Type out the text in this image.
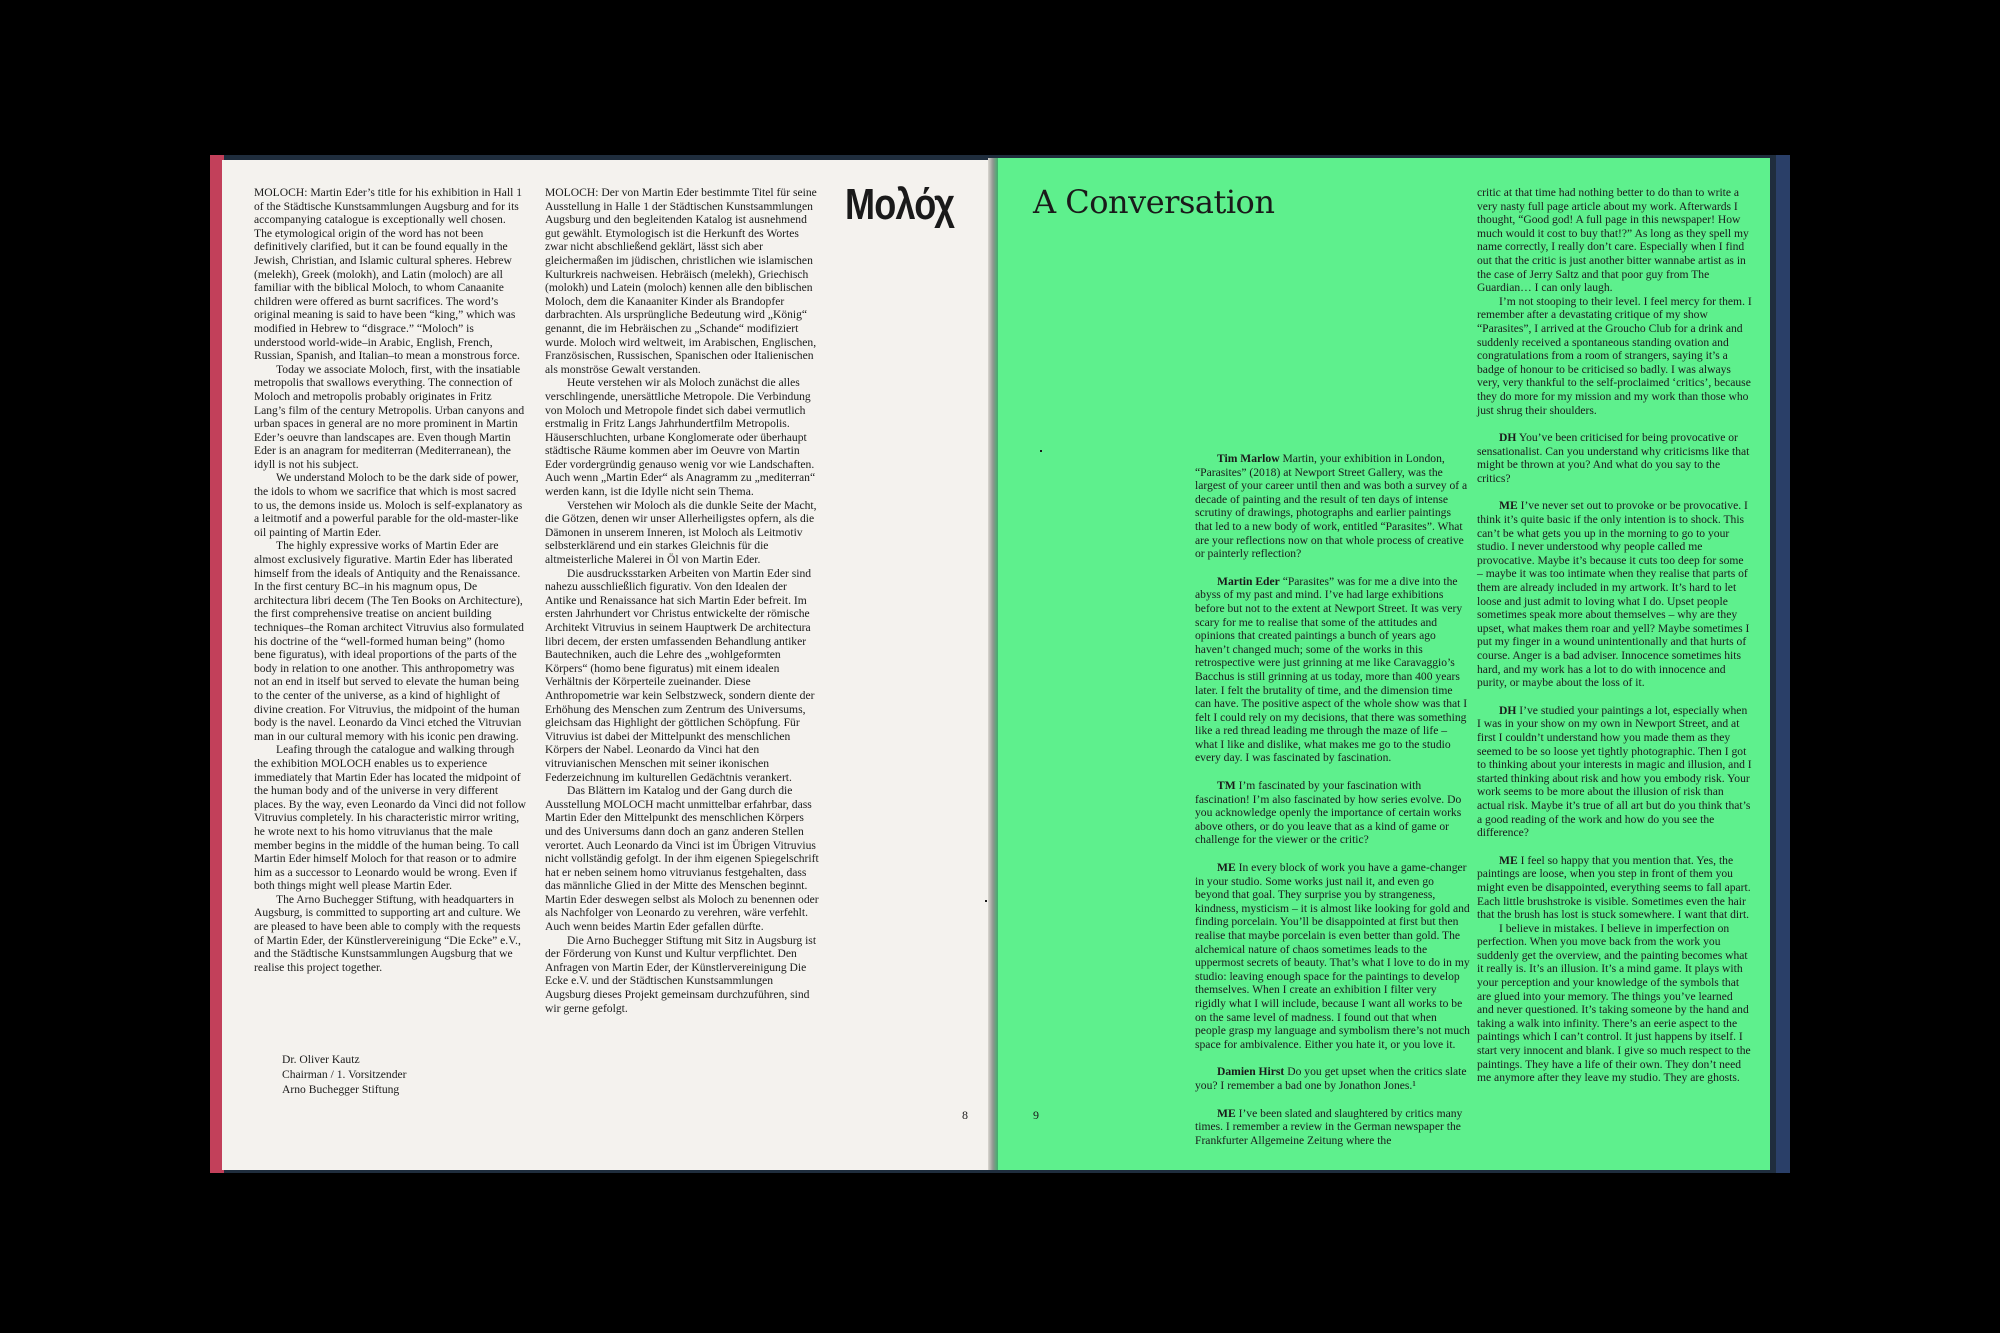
MOLOCH: Martin Eder’s title for his exhibition in Hall 1 of the Städtische Kunstsammlungen Augsburg and for its accompanying catalogue is exceptionally well chosen. The etymological origin of the word has not been definitively clarified, but it can be found equally in the Jewish, Christian, and Islamic cultural spheres. Hebrew (melekh), Greek (molokh), and Latin (moloch) are all familiar with the biblical Moloch, to whom Canaanite children were offered as burnt sacrifices. The word’s original meaning is said to have been “king,” which was modified in Hebrew to “disgrace.” “Moloch” is understood world-wide–in Arabic, English, French, Russian, Spanish, and Italian–to mean a monstrous force.

Today we associate Moloch, first, with the insatiable metropolis that swallows everything. The connection of Moloch and metropolis probably originates in Fritz Lang’s film of the century Metropolis. Urban canyons and urban spaces in general are no more prominent in Martin Eder’s oeuvre than landscapes are. Even though Martin Eder is an anagram for mediterran (Mediterranean), the idyll is not his subject.

We understand Moloch to be the dark side of power, the idols to whom we sacrifice that which is most sacred to us, the demons inside us. Moloch is self-explanatory as a leitmotif and a powerful parable for the old-master-like oil painting of Martin Eder.

The highly expressive works of Martin Eder are almost exclusively figurative. Martin Eder has liberated himself from the ideals of Antiquity and the Renaissance. In the first century BC–in his magnum opus, De architectura libri decem (The Ten Books on Architecture), the first comprehensive treatise on ancient building techniques–the Roman architect Vitruvius also formulated his doctrine of the “well-formed human being” (homo bene figuratus), with ideal proportions of the parts of the body in relation to one another. This anthropometry was not an end in itself but served to elevate the human being to the center of the universe, as a kind of highlight of divine creation. For Vitruvius, the midpoint of the human body is the navel. Leonardo da Vinci etched the Vitruvian man in our cultural memory with his iconic pen drawing.

Leafing through the catalogue and walking through the exhibition MOLOCH enables us to experience immediately that Martin Eder has located the midpoint of the human body and of the universe in very different places. By the way, even Leonardo da Vinci did not follow Vitruvius completely. In his characteristic mirror writing, he wrote next to his homo vitruvianus that the male member begins in the middle of the human being. To call Martin Eder himself Moloch for that reason or to admire him as a successor to Leonardo would be wrong. Even if both things might well please Martin Eder.

The Arno Buchegger Stiftung, with headquarters in Augsburg, is committed to supporting art and culture. We are pleased to have been able to comply with the requests of Martin Eder, der Künstlervereinigung “Die Ecke” e.V., and the Städtische Kunstsammlungen Augsburg that we realise this project together.

Dr. Oliver Kautz
Chairman / 1. Vorsitzender
Arno Buchegger Stiftung

MOLOCH: Der von Martin Eder bestimmte Titel für seine Ausstellung in Halle 1 der Städtischen Kunstsammlungen Augsburg und den begleitenden Katalog ist ausnehmend gut gewählt. Etymologisch ist die Herkunft des Wortes zwar nicht abschließend geklärt, lässt sich aber gleichermaßen im jüdischen, christlichen wie islamischen Kulturkreis nachweisen. Hebräisch (melekh), Griechisch (molokh) und Latein (moloch) kennen alle den biblischen Moloch, dem die Kanaaniter Kinder als Brandopfer darbrachten. Als ursprüngliche Bedeutung wird „König“ genannt, die im Hebräischen zu „Schande“ modifiziert wurde. Moloch wird weltweit, im Arabischen, Englischen, Französischen, Russischen, Spanischen oder Italienischen als monströse Gewalt verstanden.

Heute verstehen wir als Moloch zunächst die alles verschlingende, unersättliche Metropole. Die Verbindung von Moloch und Metropole findet sich dabei vermutlich erstmalig in Fritz Langs Jahrhundertfilm Metropolis. Häuserschluchten, urbane Konglomerate oder überhaupt städtische Räume kommen aber im Oeuvre von Martin Eder vordergründig genauso wenig vor wie Landschaften. Auch wenn „Martin Eder“ als Anagramm zu „mediterran“ werden kann, ist die Idylle nicht sein Thema.

Verstehen wir Moloch als die dunkle Seite der Macht, die Götzen, denen wir unser Allerheiligstes opfern, als die Dämonen in unserem Inneren, ist Moloch als Leitmotiv selbsterklärend und ein starkes Gleichnis für die altmeisterliche Malerei in Öl von Martin Eder.

Die ausdrucksstarken Arbeiten von Martin Eder sind nahezu ausschließlich figurativ. Von den Idealen der Antike und Renaissance hat sich Martin Eder befreit. Im ersten Jahrhundert vor Christus entwickelte der römische Architekt Vitruvius in seinem Hauptwerk De architectura libri decem, der ersten umfassenden Behandlung antiker Bautechniken, auch die Lehre des „wohlgeformten Körpers“ (homo bene figuratus) mit einem idealen Verhältnis der Körperteile zueinander. Diese Anthropometrie war kein Selbstzweck, sondern diente der Erhöhung des Menschen zum Zentrum des Universums, gleichsam das Highlight der göttlichen Schöpfung. Für Vitruvius ist dabei der Mittelpunkt des menschlichen Körpers der Nabel. Leonardo da Vinci hat den vitruvianischen Menschen mit seiner ikonischen Federzeichnung im kulturellen Gedächtnis verankert.

Das Blättern im Katalog und der Gang durch die Ausstellung MOLOCH macht unmittelbar erfahrbar, dass Martin Eder den Mittelpunkt des menschlichen Körpers und des Universums dann doch an ganz anderen Stellen verortet. Auch Leonardo da Vinci ist im Übrigen Vitruvius nicht vollständig gefolgt. In der ihm eigenen Spiegelschrift hat er neben seinem homo vitruvianus festgehalten, dass das männliche Glied in der Mitte des Menschen beginnt. Martin Eder deswegen selbst als Moloch zu benennen oder als Nachfolger von Leonardo zu verehren, wäre verfehlt. Auch wenn beides Martin Eder gefallen dürfte.

Die Arno Buchegger Stiftung mit Sitz in Augsburg ist der Förderung von Kunst und Kultur verpflichtet. Den Anfragen von Martin Eder, der Künstlervereinigung Die Ecke e.V. und der Städtischen Kunstsammlungen Augsburg dieses Projekt gemeinsam durchzuführen, sind wir gerne gefolgt.

Μολόχ
8
A Conversation

Tim Marlow Martin, your exhibition in London, “Parasites” (2018) at Newport Street Gallery, was the largest of your career until then and was both a survey of a decade of painting and the result of ten days of intense scrutiny of drawings, photographs and earlier paintings that led to a new body of work, entitled “Parasites”. What are your reflections now on that whole process of creative or painterly reflection?

Martin Eder “Parasites” was for me a dive into the abyss of my past and mind. I’ve had large exhibitions before but not to the extent at Newport Street. It was very scary for me to realise that some of the attitudes and opinions that created paintings a bunch of years ago haven’t changed much; some of the works in this retrospective were just grinning at me like Caravaggio’s Bacchus is still grinning at us today, more than 400 years later. I felt the brutality of time, and the dimension time can have. The positive aspect of the whole show was that I felt I could rely on my decisions, that there was something like a red thread leading me through the maze of life – what I like and dislike, what makes me go to the studio every day. I was fascinated by fascination.

TM I’m fascinated by your fascination with fascination! I’m also fascinated by how series evolve. Do you acknowledge openly the importance of certain works above others, or do you leave that as a kind of game or challenge for the viewer or the critic?

ME In every block of work you have a game-changer in your studio. Some works just nail it, and even go beyond that goal. They surprise you by strangeness, kindness, mysticism – it is almost like looking for gold and finding porcelain. You’ll be disappointed at first but then realise that maybe porcelain is even better than gold. The alchemical nature of chaos sometimes leads to the uppermost secrets of beauty. That’s what I love to do in my studio: leaving enough space for the paintings to develop themselves. When I create an exhibition I filter very rigidly what I will include, because I want all works to be on the same level of madness. I found out that when people grasp my language and symbolism there’s not much space for ambivalence. Either you hate it, or you love it.

Damien Hirst Do you get upset when the critics slate you? I remember a bad one by Jonathon Jones.¹

ME I’ve been slated and slaughtered by critics many times. I remember a review in the German newspaper the Frankfurter Allgemeine Zeitung where the

critic at that time had nothing better to do than to write a very nasty full page article about my work. Afterwards I thought, “Good god! A full page in this newspaper! How much would it cost to buy that!?” As long as they spell my name correctly, I really don’t care. Especially when I find out that the critic is just another bitter wannabe artist as in the case of Jerry Saltz and that poor guy from The Guardian… I can only laugh.

I’m not stooping to their level. I feel mercy for them. I remember after a devastating critique of my show “Parasites”, I arrived at the Groucho Club for a drink and suddenly received a spontaneous standing ovation and congratulations from a room of strangers, saying it’s a badge of honour to be criticised so badly. I was always very, very thankful to the self-proclaimed ‘critics’, because they do more for my mission and my work than those who just shrug their shoulders.

DH You’ve been criticised for being provocative or sensationalist. Can you understand why criticisms like that might be thrown at you? And what do you say to the critics?

ME I’ve never set out to provoke or be provocative. I think it’s quite basic if the only intention is to shock. This can’t be what gets you up in the morning to go to your studio. I never understood why people called me provocative. Maybe it’s because it cuts too deep for some – maybe it was too intimate when they realise that parts of them are already included in my artwork. It’s hard to let loose and just admit to loving what I do. Upset people sometimes speak more about themselves – why are they upset, what makes them roar and yell? Maybe sometimes I put my finger in a wound unintentionally and that hurts of course. Anger is a bad adviser. Innocence sometimes hits hard, and my work has a lot to do with innocence and purity, or maybe about the loss of it.

DH I’ve studied your paintings a lot, especially when I was in your show on my own in Newport Street, and at first I couldn’t understand how you made them as they seemed to be so loose yet tightly photographic. Then I got to thinking about your interests in magic and illusion, and I started thinking about risk and how you embody risk. Your work seems to be more about the illusion of risk than actual risk. Maybe it’s true of all art but do you think that’s a good reading of the work and how do you see the difference?

ME I feel so happy that you mention that. Yes, the paintings are loose, when you step in front of them you might even be disappointed, everything seems to fall apart. Each little brushstroke is visible. Sometimes even the hair that the brush has lost is stuck somewhere. I want that dirt.

I believe in mistakes. I believe in imperfection on perfection. When you move back from the work you suddenly get the overview, and the painting becomes what it really is. It’s an illusion. It’s a mind game. It plays with your perception and your knowledge of the symbols that are glued into your memory. The things you’ve learned and never questioned. It’s taking someone by the hand and taking a walk into infinity. There’s an eerie aspect to the paintings which I can’t control. It just happens by itself. I start very innocent and blank. I give so much respect to the paintings. They have a life of their own. They don’t need me anymore after they leave my studio. They are ghosts.

9
